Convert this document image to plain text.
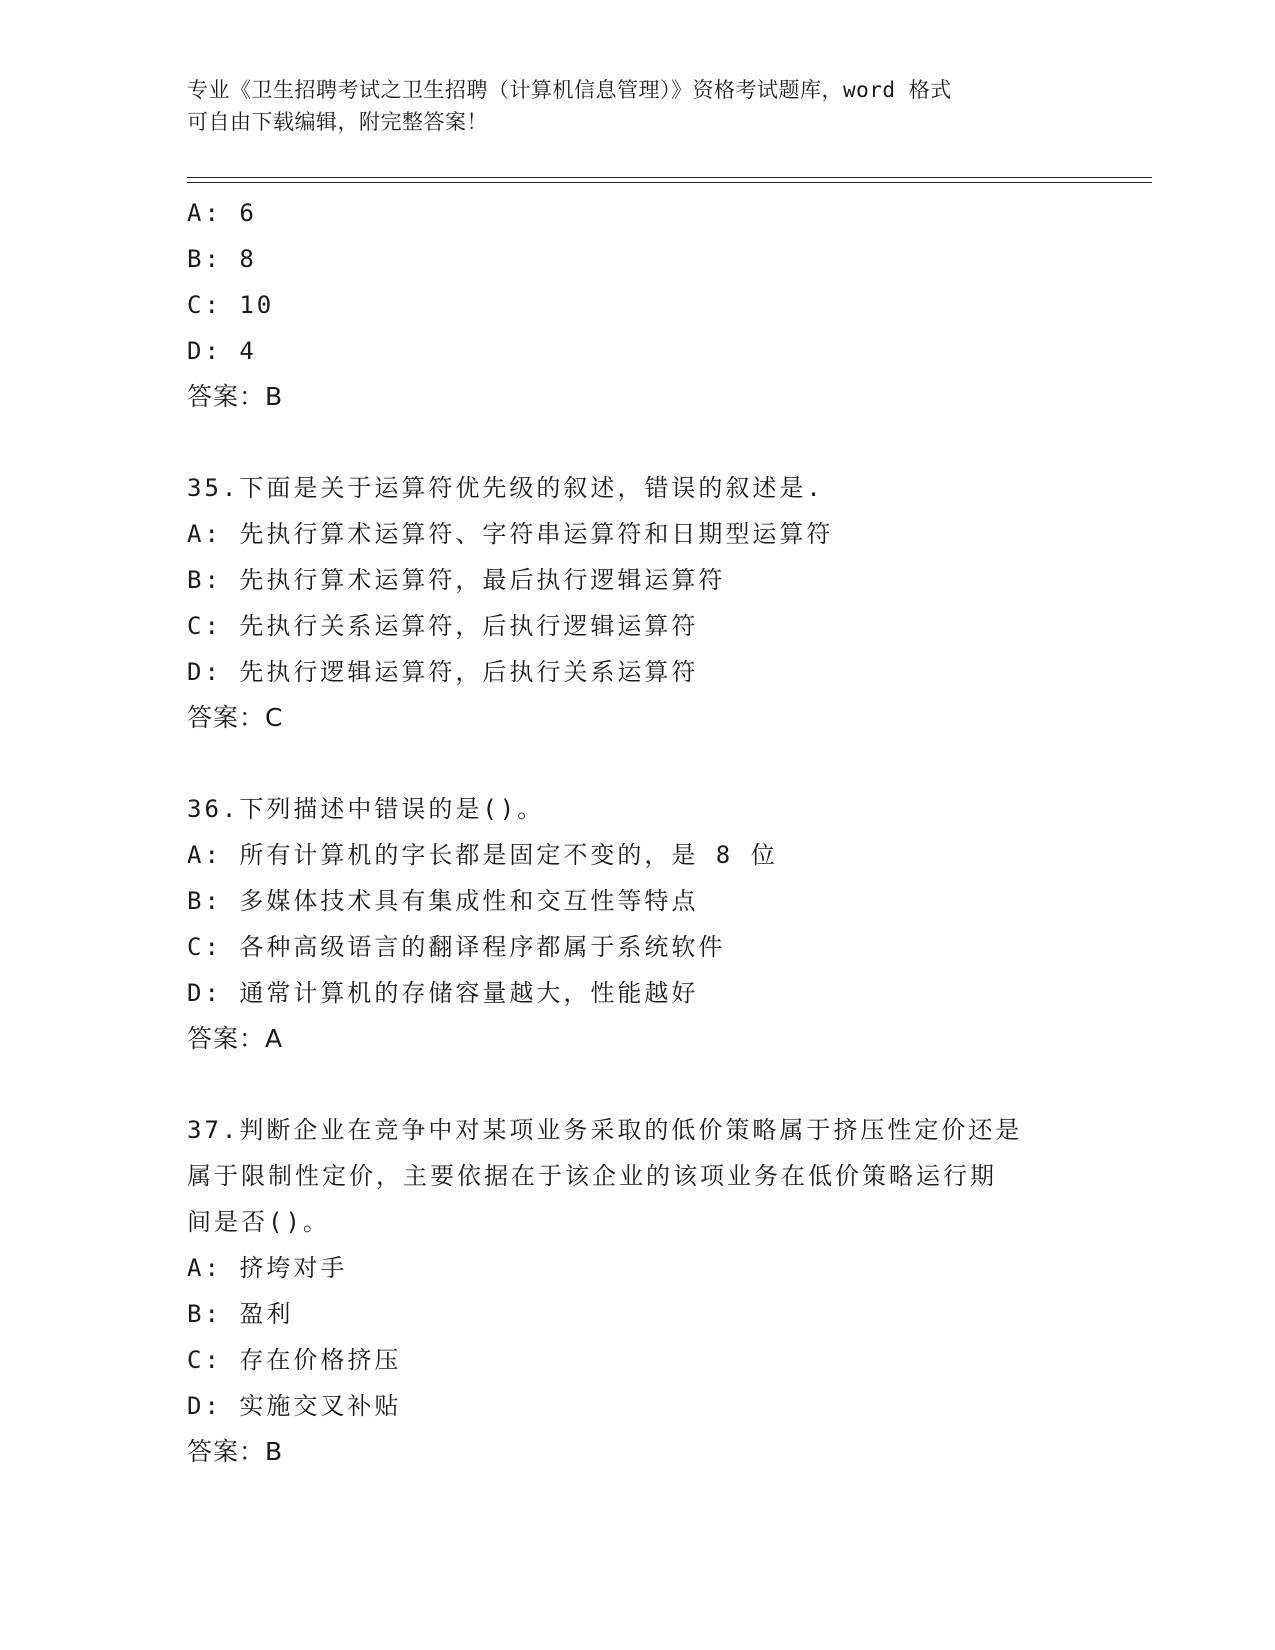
专业《卫生招聘考试之卫生招聘（计算机信息管理）》资格考试题库，word 格式
可自由下载编辑，附完整答案！
A: 6
B: 8
C: 10
D: 4
答案：B
35.下面是关于运算符优先级的叙述，错误的叙述是.
A: 先执行算术运算符、字符串运算符和日期型运算符
B: 先执行算术运算符，最后执行逻辑运算符
C: 先执行关系运算符，后执行逻辑运算符
D: 先执行逻辑运算符，后执行关系运算符
答案：C
36.下列描述中错误的是()。
A: 所有计算机的字长都是固定不变的，是 8 位
B: 多媒体技术具有集成性和交互性等特点
C: 各种高级语言的翻译程序都属于系统软件
D: 通常计算机的存储容量越大，性能越好
答案：A
37.判断企业在竞争中对某项业务采取的低价策略属于挤压性定价还是
属于限制性定价，主要依据在于该企业的该项业务在低价策略运行期
间是否()。
A: 挤垮对手
B: 盈利
C: 存在价格挤压
D: 实施交叉补贴
答案：B
